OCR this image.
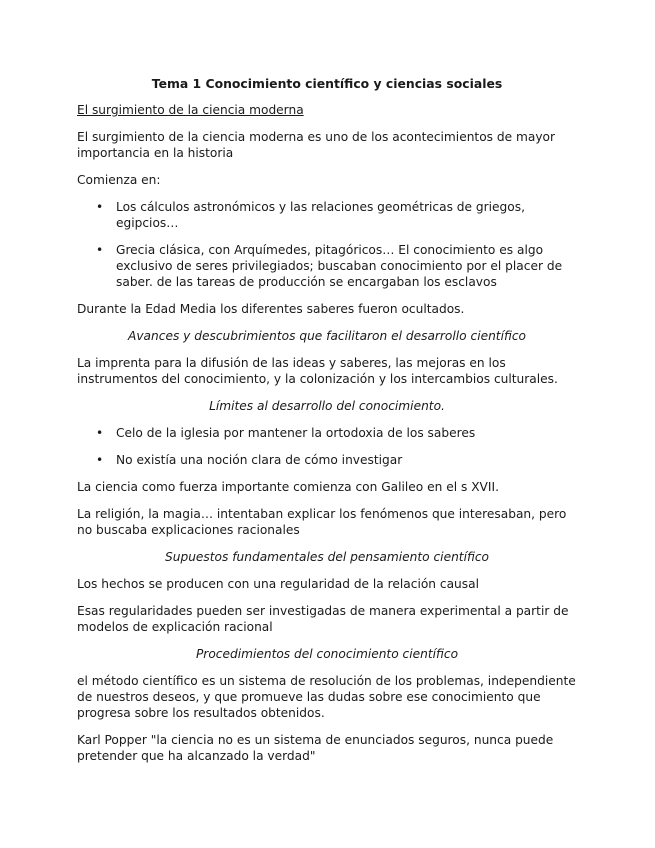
Tema 1 Conocimiento científico y ciencias sociales

El surgimiento de la ciencia moderna

El surgimiento de la ciencia moderna es uno de los acontecimientos de mayor importancia en la historia

Comienza en:

• Los cálculos astronómicos y las relaciones geométricas de griegos, egipcios…
• Grecia clásica, con Arquímedes, pitagóricos… El conocimiento es algo exclusivo de seres privilegiados; buscaban conocimiento por el placer de saber. de las tareas de producción se encargaban los esclavos

Durante la Edad Media los diferentes saberes fueron ocultados.

Avances y descubrimientos que facilitaron el desarrollo científico

La imprenta para la difusión de las ideas y saberes, las mejoras en los instrumentos del conocimiento, y la colonización y los intercambios culturales.

Límites al desarrollo del conocimiento.

• Celo de la iglesia por mantener la ortodoxia de los saberes
• No existía una noción clara de cómo investigar

La ciencia como fuerza importante comienza con Galileo en el s XVII.

La religión, la magia… intentaban explicar los fenómenos que interesaban, pero no buscaba explicaciones racionales

Supuestos fundamentales del pensamiento científico

Los hechos se producen con una regularidad de la relación causal

Esas regularidades pueden ser investigadas de manera experimental a partir de modelos de explicación racional

Procedimientos del conocimiento científico

el método científico es un sistema de resolución de los problemas, independiente de nuestros deseos, y que promueve las dudas sobre ese conocimiento que progresa sobre los resultados obtenidos.

Karl Popper "la ciencia no es un sistema de enunciados seguros, nunca puede pretender que ha alcanzado la verdad"
